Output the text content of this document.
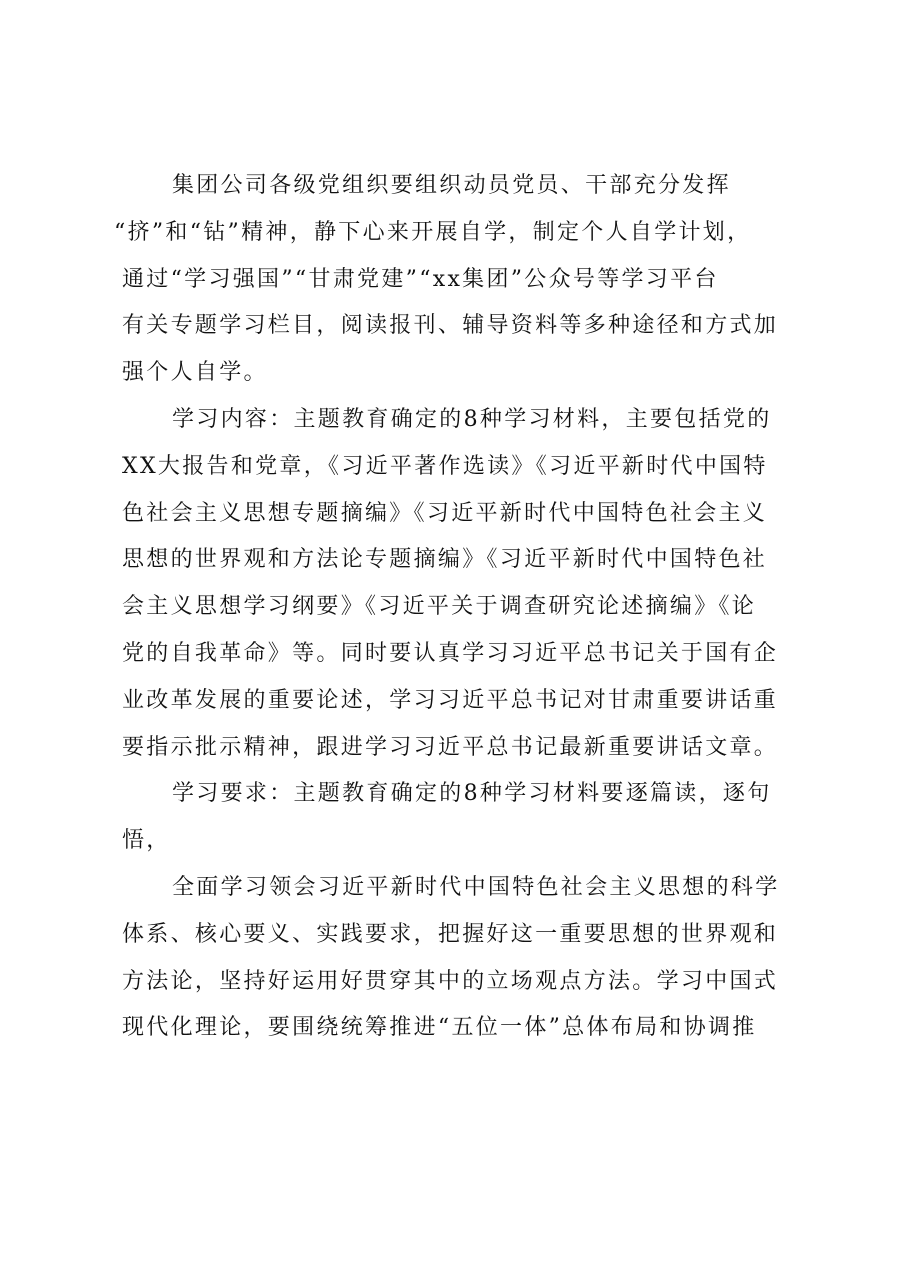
集团公司各级党组织要组织动员党员、干部充分发挥
“挤”和“钻”精神，静下心来开展自学，制定个人自学计划，
通过“学习强国”“甘肃党建”“xx集团”公众号等学习平台
有关专题学习栏目，阅读报刊、辅导资料等多种途径和方式加
强个人自学。
学习内容：主题教育确定的8种学习材料，主要包括党的
XX大报告和党章，《习近平著作选读》《习近平新时代中国特
色社会主义思想专题摘编》《习近平新时代中国特色社会主义
思想的世界观和方法论专题摘编》《习近平新时代中国特色社
会主义思想学习纲要》《习近平关于调查研究论述摘编》《论
党的自我革命》等。同时要认真学习习近平总书记关于国有企
业改革发展的重要论述，学习习近平总书记对甘肃重要讲话重
要指示批示精神，跟进学习习近平总书记最新重要讲话文章。
学习要求：主题教育确定的8种学习材料要逐篇读，逐句
悟，
全面学习领会习近平新时代中国特色社会主义思想的科学
体系、核心要义、实践要求，把握好这一重要思想的世界观和
方法论，坚持好运用好贯穿其中的立场观点方法。学习中国式
现代化理论，要围绕统筹推进“五位一体”总体布局和协调推
